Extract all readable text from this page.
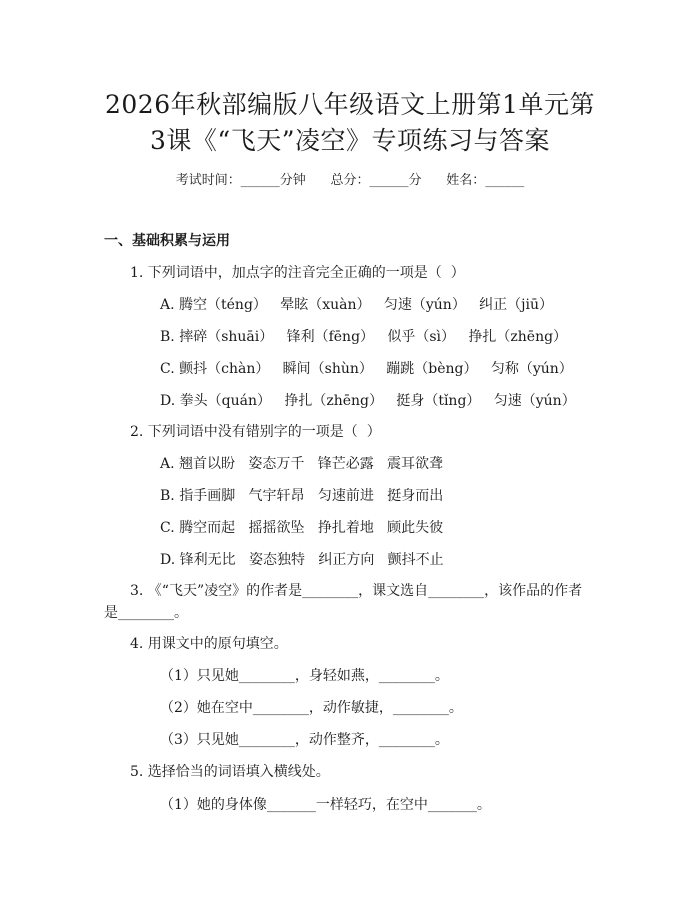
2026年秋部编版八年级语文上册第1单元第
3课《“飞天”凌空》专项练习与答案
考试时间：______分钟      总分：______分      姓名：______
一、基础积累与运用
1. 下列词语中，加点字的注音完全正确的一项是（  ）
A. 腾空（téng）   晕眩（xuàn）   匀速（yún）   纠正（jiū）
B. 摔碎（shuāi）   锋利（fēng）   似乎（sì）   挣扎（zhēng）
C. 颤抖（chàn）   瞬间（shùn）   蹦跳（bèng）   匀称（yún）
D. 拳头（quán）   挣扎（zhēng）   挺身（tǐng）   匀速（yún）
2. 下列词语中没有错别字的一项是（  ）
A. 翘首以盼   姿态万千   锋芒必露   震耳欲聋
B. 指手画脚   气宇轩昂   匀速前进   挺身而出
C. 腾空而起   摇摇欲坠   挣扎着地   顾此失彼
D. 锋利无比   姿态独特   纠正方向   颤抖不止
3. 《“飞天”凌空》的作者是________，课文选自________，该作品的作者
是________。
4. 用课文中的原句填空。
（1）只见她________，身轻如燕，________。
（2）她在空中________，动作敏捷，________。
（3）只见她________，动作整齐，________。
5. 选择恰当的词语填入横线处。
（1）她的身体像_______一样轻巧，在空中_______。
